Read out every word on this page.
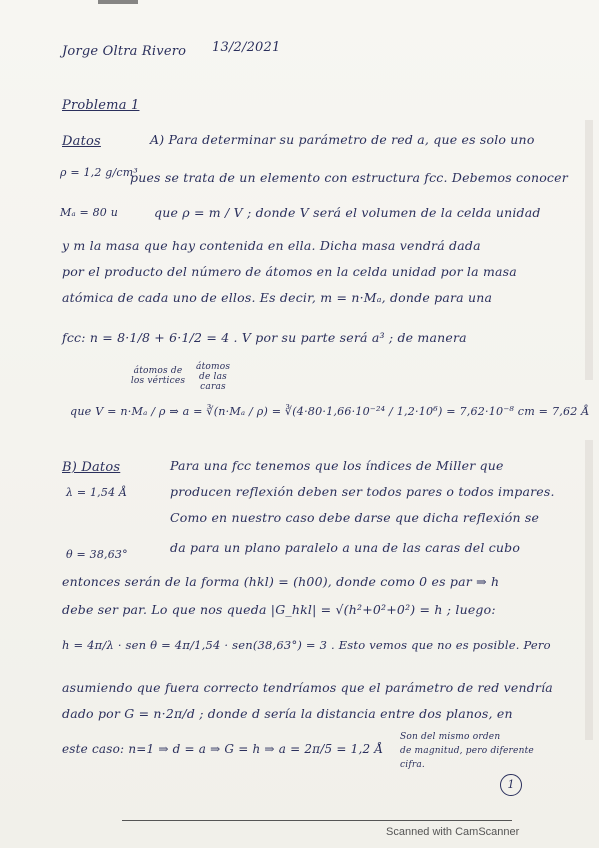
Jorge Oltra Rivero 13/2/2021
Problema 1
Datos
ρ = 1,2 g/cm³
Mₐ = 80 u
A) Para determinar su parámetro de red a, que es solo uno
pues se trata de un elemento con estructura fcc. Debemos conocer
que ρ = m / V ; donde V será el volumen de la celda unidad
y m la masa que hay contenida en ella. Dicha masa vendrá dada
por el producto del número de átomos en la celda unidad por la masa
atómica de cada uno de ellos. Es decir, m = n·Mₐ, donde para una
fcc: n = 8·1/8 + 6·1/2 = 4 . V por su parte será a³ ; de manera
átomos de los vértices
átomos de las caras
que V = n·Mₐ / ρ ⇒ a = ∛(n·Mₐ / ρ) = ∛(4·80·1,66·10⁻²⁴ / 1,2·10⁶) = 7,62·10⁻⁸ cm = 7,62 Å
B) Datos
λ = 1,54 Å
θ = 38,63°
Para una fcc tenemos que los índices de Miller que
producen reflexión deben ser todos pares o todos impares.
Como en nuestro caso debe darse que dicha reflexión se
da para un plano paralelo a una de las caras del cubo
entonces serán de la forma (hkl) = (h00), donde como 0 es par ⇒ h
debe ser par. Lo que nos queda |G_hkl| = √(h²+0²+0²) = h ; luego:
h = 4π/λ · sen θ = 4π/1,54 · sen(38,63°) = 3 . Esto vemos que no es posible. Pero
asumiendo que fuera correcto tendríamos que el parámetro de red vendría
dado por G = n·2π/d ; donde d sería la distancia entre dos planos, en
este caso: n=1 ⇒ d = a ⇒ G = h ⇒ a = 2π/5 = 1,2 Å
Son del mismo orden
de magnitud, pero diferente
cifra.
1
Scanned with CamScanner
